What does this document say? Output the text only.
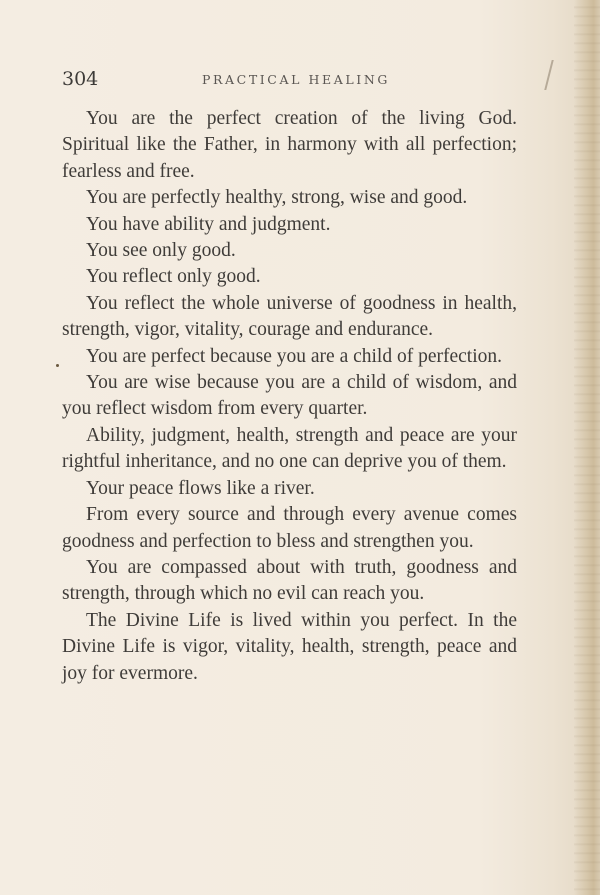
304	PRACTICAL HEALING

You are the perfect creation of the living God. Spiritual like the Father, in harmony with all perfection; fearless and free.

You are perfectly healthy, strong, wise and good.

You have ability and judgment.

You see only good.

You reflect only good.

You reflect the whole universe of goodness in health, strength, vigor, vitality, courage and endurance.

You are perfect because you are a child of perfection.

You are wise because you are a child of wisdom, and you reflect wisdom from every quarter.

Ability, judgment, health, strength and peace are your rightful inheritance, and no one can deprive you of them.

Your peace flows like a river.

From every source and through every avenue comes goodness and perfection to bless and strengthen you.

You are compassed about with truth, goodness and strength, through which no evil can reach you.

The Divine Life is lived within you perfect. In the Divine Life is vigor, vitality, health, strength, peace and joy for evermore.
